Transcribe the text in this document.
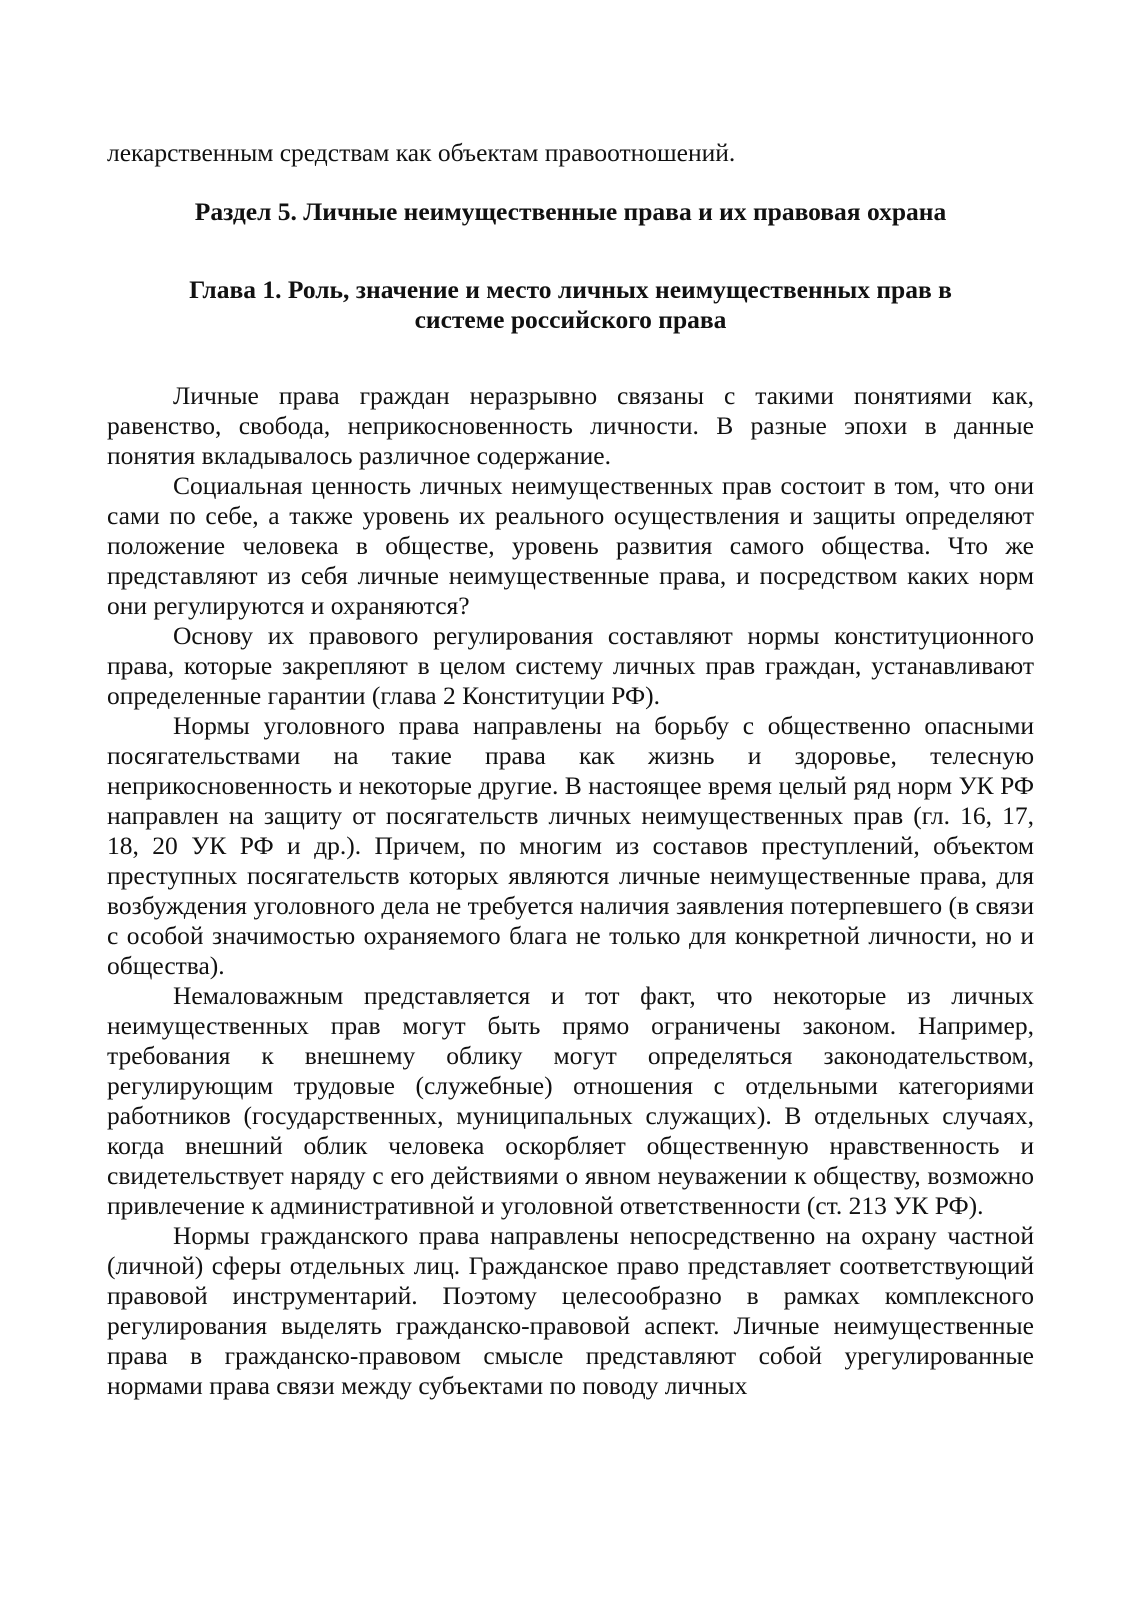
лекарственным средствам как объектам правоотношений.

Раздел 5. Личные неимущественные права и их правовая охрана
Глава 1. Роль, значение и место личных неимущественных прав в системе российского права

Личные права граждан неразрывно связаны с такими понятиями как, равенство, свобода, неприкосновенность личности. В разные эпохи в данные понятия вкладывалось различное содержание.

Социальная ценность личных неимущественных прав состоит в том, что они сами по себе, а также уровень их реального осуществления и защиты определяют положение человека в обществе, уровень развития самого общества. Что же представляют из себя личные неимущественные права, и посредством каких норм они регулируются и охраняются?

Основу их правового регулирования составляют нормы конституционного права, которые закрепляют в целом систему личных прав граждан, устанавливают определенные гарантии (глава 2 Конституции РФ).

Нормы уголовного права направлены на борьбу с общественно опасными посягательствами на такие права как жизнь и здоровье, телесную неприкосновенность и некоторые другие. В настоящее время целый ряд норм УК РФ направлен на защиту от посягательств личных неимущественных прав (гл. 16, 17, 18, 20 УК РФ и др.). Причем, по многим из составов преступлений, объектом преступных посягательств которых являются личные неимущественные права, для возбуждения уголовного дела не требуется наличия заявления потерпевшего (в связи с особой значимостью охраняемого блага не только для конкретной личности, но и общества).

Немаловажным представляется и тот факт, что некоторые из личных неимущественных прав могут быть прямо ограничены законом. Например, требования к внешнему облику могут определяться законодательством, регулирующим трудовые (служебные) отношения с отдельными категориями работников (государственных, муниципальных служащих). В отдельных случаях, когда внешний облик человека оскорбляет общественную нравственность и свидетельствует наряду с его действиями о явном неуважении к обществу, возможно привлечение к административной и уголовной ответственности (ст. 213 УК РФ).

Нормы гражданского права направлены непосредственно на охрану частной (личной) сферы отдельных лиц. Гражданское право представляет соответствующий правовой инструментарий. Поэтому целесообразно в рамках комплексного регулирования выделять гражданско-правовой аспект. Личные неимущественные права в гражданско-правовом смысле представляют собой урегулированные нормами права связи между субъектами по поводу личных
